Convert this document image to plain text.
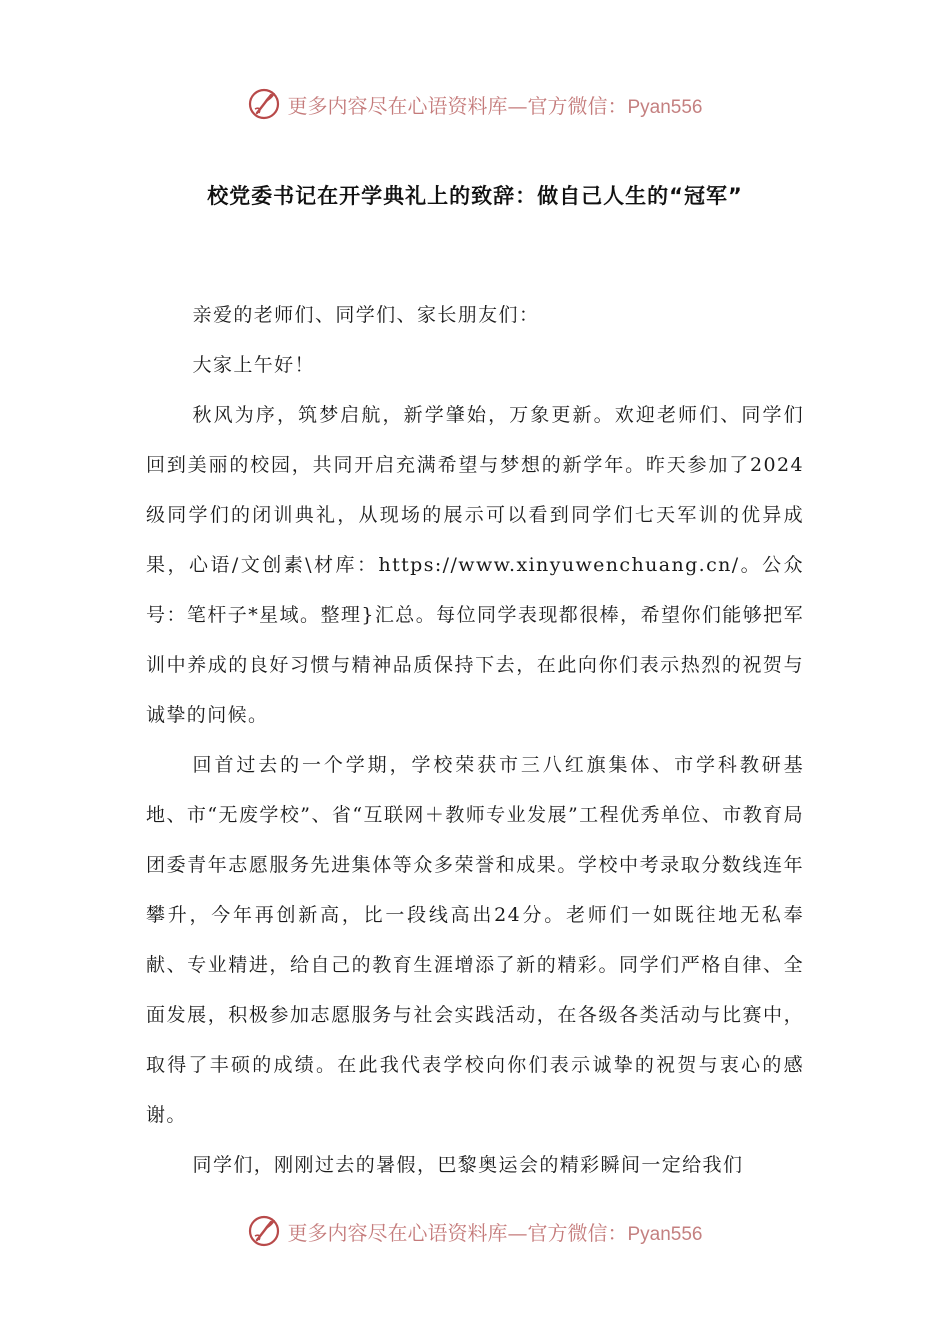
更多内容尽在心语资料库—官方微信：Pyan556
校党委书记在开学典礼上的致辞：做自己人生的“冠军”

亲爱的老师们、同学们、家长朋友们：

大家上午好！

秋风为序，筑梦启航，新学肇始，万象更新。欢迎老师们、同学们回到美丽的校园，共同开启充满希望与梦想的新学年。昨天参加了2024级同学们的闭训典礼，从现场的展示可以看到同学们七天军训的优异成果，心语/文创素\材库：https://www.xinyuwenchuang.cn/。公众号：笔杆子*星域。整理}汇总。每位同学表现都很棒，希望你们能够把军训中养成的良好习惯与精神品质保持下去，在此向你们表示热烈的祝贺与诚挚的问候。

回首过去的一个学期，学校荣获市三八红旗集体、市学科教研基地、市“无废学校”、省“互联网＋教师专业发展”工程优秀单位、市教育局团委青年志愿服务先进集体等众多荣誉和成果。学校中考录取分数线连年攀升，今年再创新高，比一段线高出24分。老师们一如既往地无私奉献、专业精进，给自己的教育生涯增添了新的精彩。同学们严格自律、全面发展，积极参加志愿服务与社会实践活动，在各级各类活动与比赛中，取得了丰硕的成绩。在此我代表学校向你们表示诚挚的祝贺与衷心的感谢。

同学们，刚刚过去的暑假，巴黎奥运会的精彩瞬间一定给我们

更多内容尽在心语资料库—官方微信：Pyan556
